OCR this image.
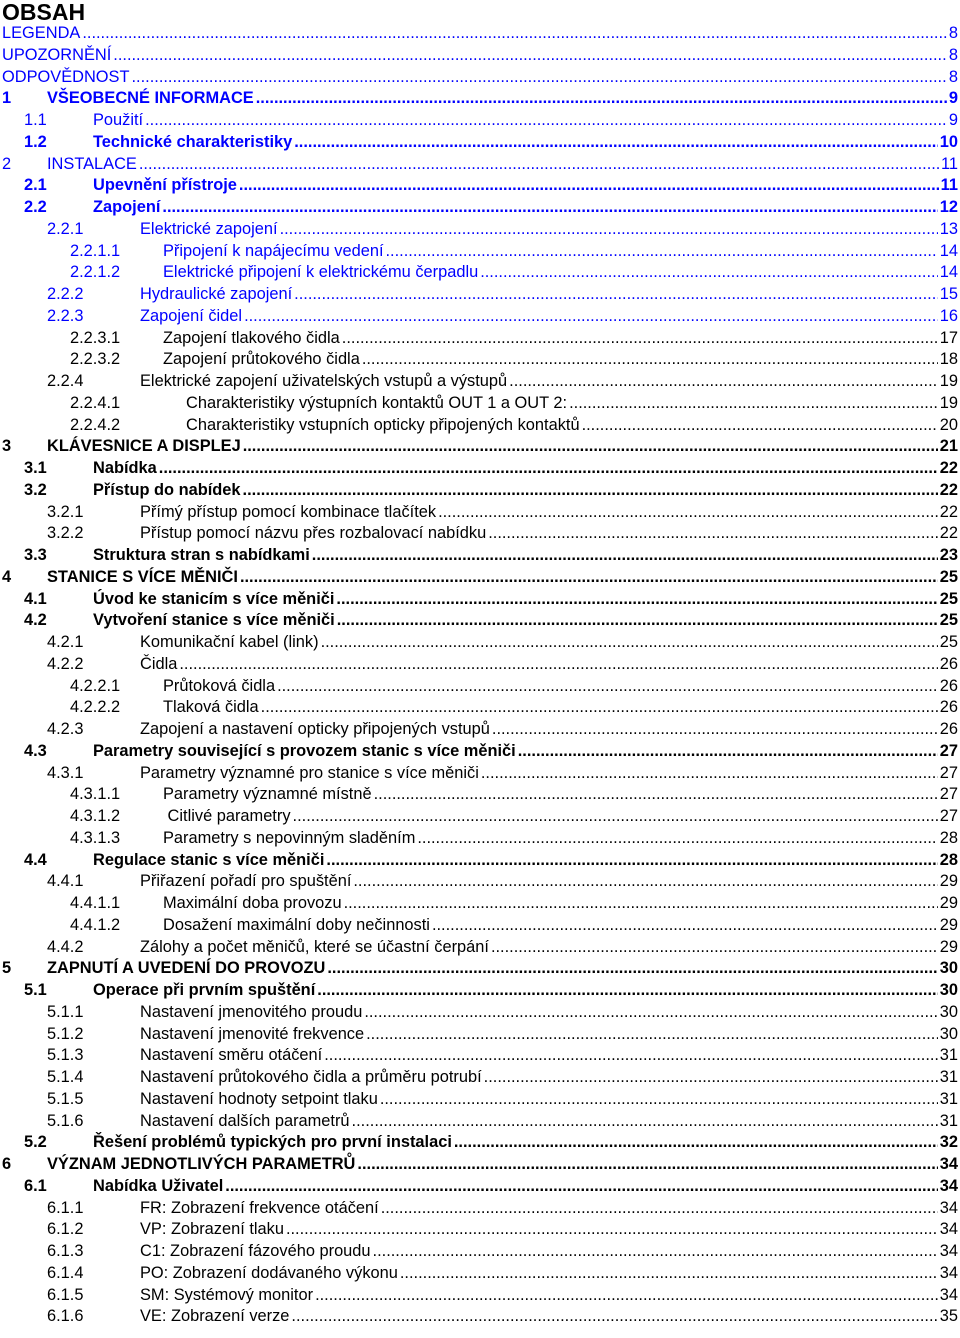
OBSAH
LEGENDA .....	8
UPOZORNĚNÍ .....	8
ODPOVĚDNOST .....	8
1	VŠEOBECNÉ INFORMACE .....	9
1.1	Použití .....	9
1.2	Technické charakteristiky .....	10
2	INSTALACE .....	11
2.1	Upevnění přístroje .....	11
2.2	Zapojení .....	12
2.2.1	Elektrické zapojení .....	13
2.2.1.1	Připojení k napájecímu vedení .....	14
2.2.1.2	Elektrické připojení k elektrickému čerpadlu .....	14
2.2.2	Hydraulické zapojení .....	15
2.2.3	Zapojení čidel .....	16
2.2.3.1	Zapojení tlakového čidla .....	17
2.2.3.2	Zapojení průtokového čidla .....	18
2.2.4	Elektrické zapojení uživatelských vstupů a výstupů .....	19
2.2.4.1	Charakteristiky výstupních kontaktů OUT 1 a OUT 2: .....	19
2.2.4.2	Charakteristiky vstupních opticky připojených kontaktů .....	20
3	KLÁVESNICE A DISPLEJ .....	21
3.1	Nabídka .....	22
3.2	Přístup do nabídek .....	22
3.2.1	Přímý přístup pomocí kombinace tlačítek .....	22
3.2.2	Přístup pomocí názvu přes rozbalovací nabídku .....	22
3.3	Struktura stran s nabídkami .....	23
4	STANICE S VÍCE MĚNIČI .....	25
4.1	Úvod ke stanicím s více měniči .....	25
4.2	Vytvoření stanice s více měniči .....	25
4.2.1	Komunikační kabel (link) .....	25
4.2.2	Čidla .....	26
4.2.2.1	Průtoková čidla .....	26
4.2.2.2	Tlaková čidla .....	26
4.2.3	Zapojení a nastavení opticky připojených vstupů .....	26
4.3	Parametry související s provozem stanic s více měniči .....	27
4.3.1	Parametry významné pro stanice s více měniči .....	27
4.3.1.1	Parametry významné místně .....	27
4.3.1.2	Citlivé parametry .....	27
4.3.1.3	Parametry s nepovinným sladěním .....	28
4.4	Regulace stanic s více měniči .....	28
4.4.1	Přiřazení pořadí pro spuštění .....	29
4.4.1.1	Maximální doba provozu .....	29
4.4.1.2	Dosažení maximální doby nečinnosti .....	29
4.4.2	Zálohy a počet měničů, které se účastní čerpání .....	29
5	ZAPNUTÍ A UVEDENÍ DO PROVOZU .....	30
5.1	Operace při prvním spuštění .....	30
5.1.1	Nastavení jmenovitého proudu .....	30
5.1.2	Nastavení jmenovité frekvence .....	30
5.1.3	Nastavení směru otáčení .....	31
5.1.4	Nastavení průtokového čidla a průměru potrubí .....	31
5.1.5	Nastavení hodnoty setpoint tlaku .....	31
5.1.6	Nastavení dalších parametrů .....	31
5.2	Řešení problémů typických pro první instalaci .....	32
6	VÝZNAM JEDNOTLIVÝCH PARAMETRŮ .....	34
6.1	Nabídka Uživatel .....	34
6.1.1	FR: Zobrazení frekvence otáčení .....	34
6.1.2	VP: Zobrazení tlaku .....	34
6.1.3	C1: Zobrazení fázového proudu .....	34
6.1.4	PO: Zobrazení dodávaného výkonu .....	34
6.1.5	SM: Systémový monitor .....	34
6.1.6	VE: Zobrazení verze .....	35
